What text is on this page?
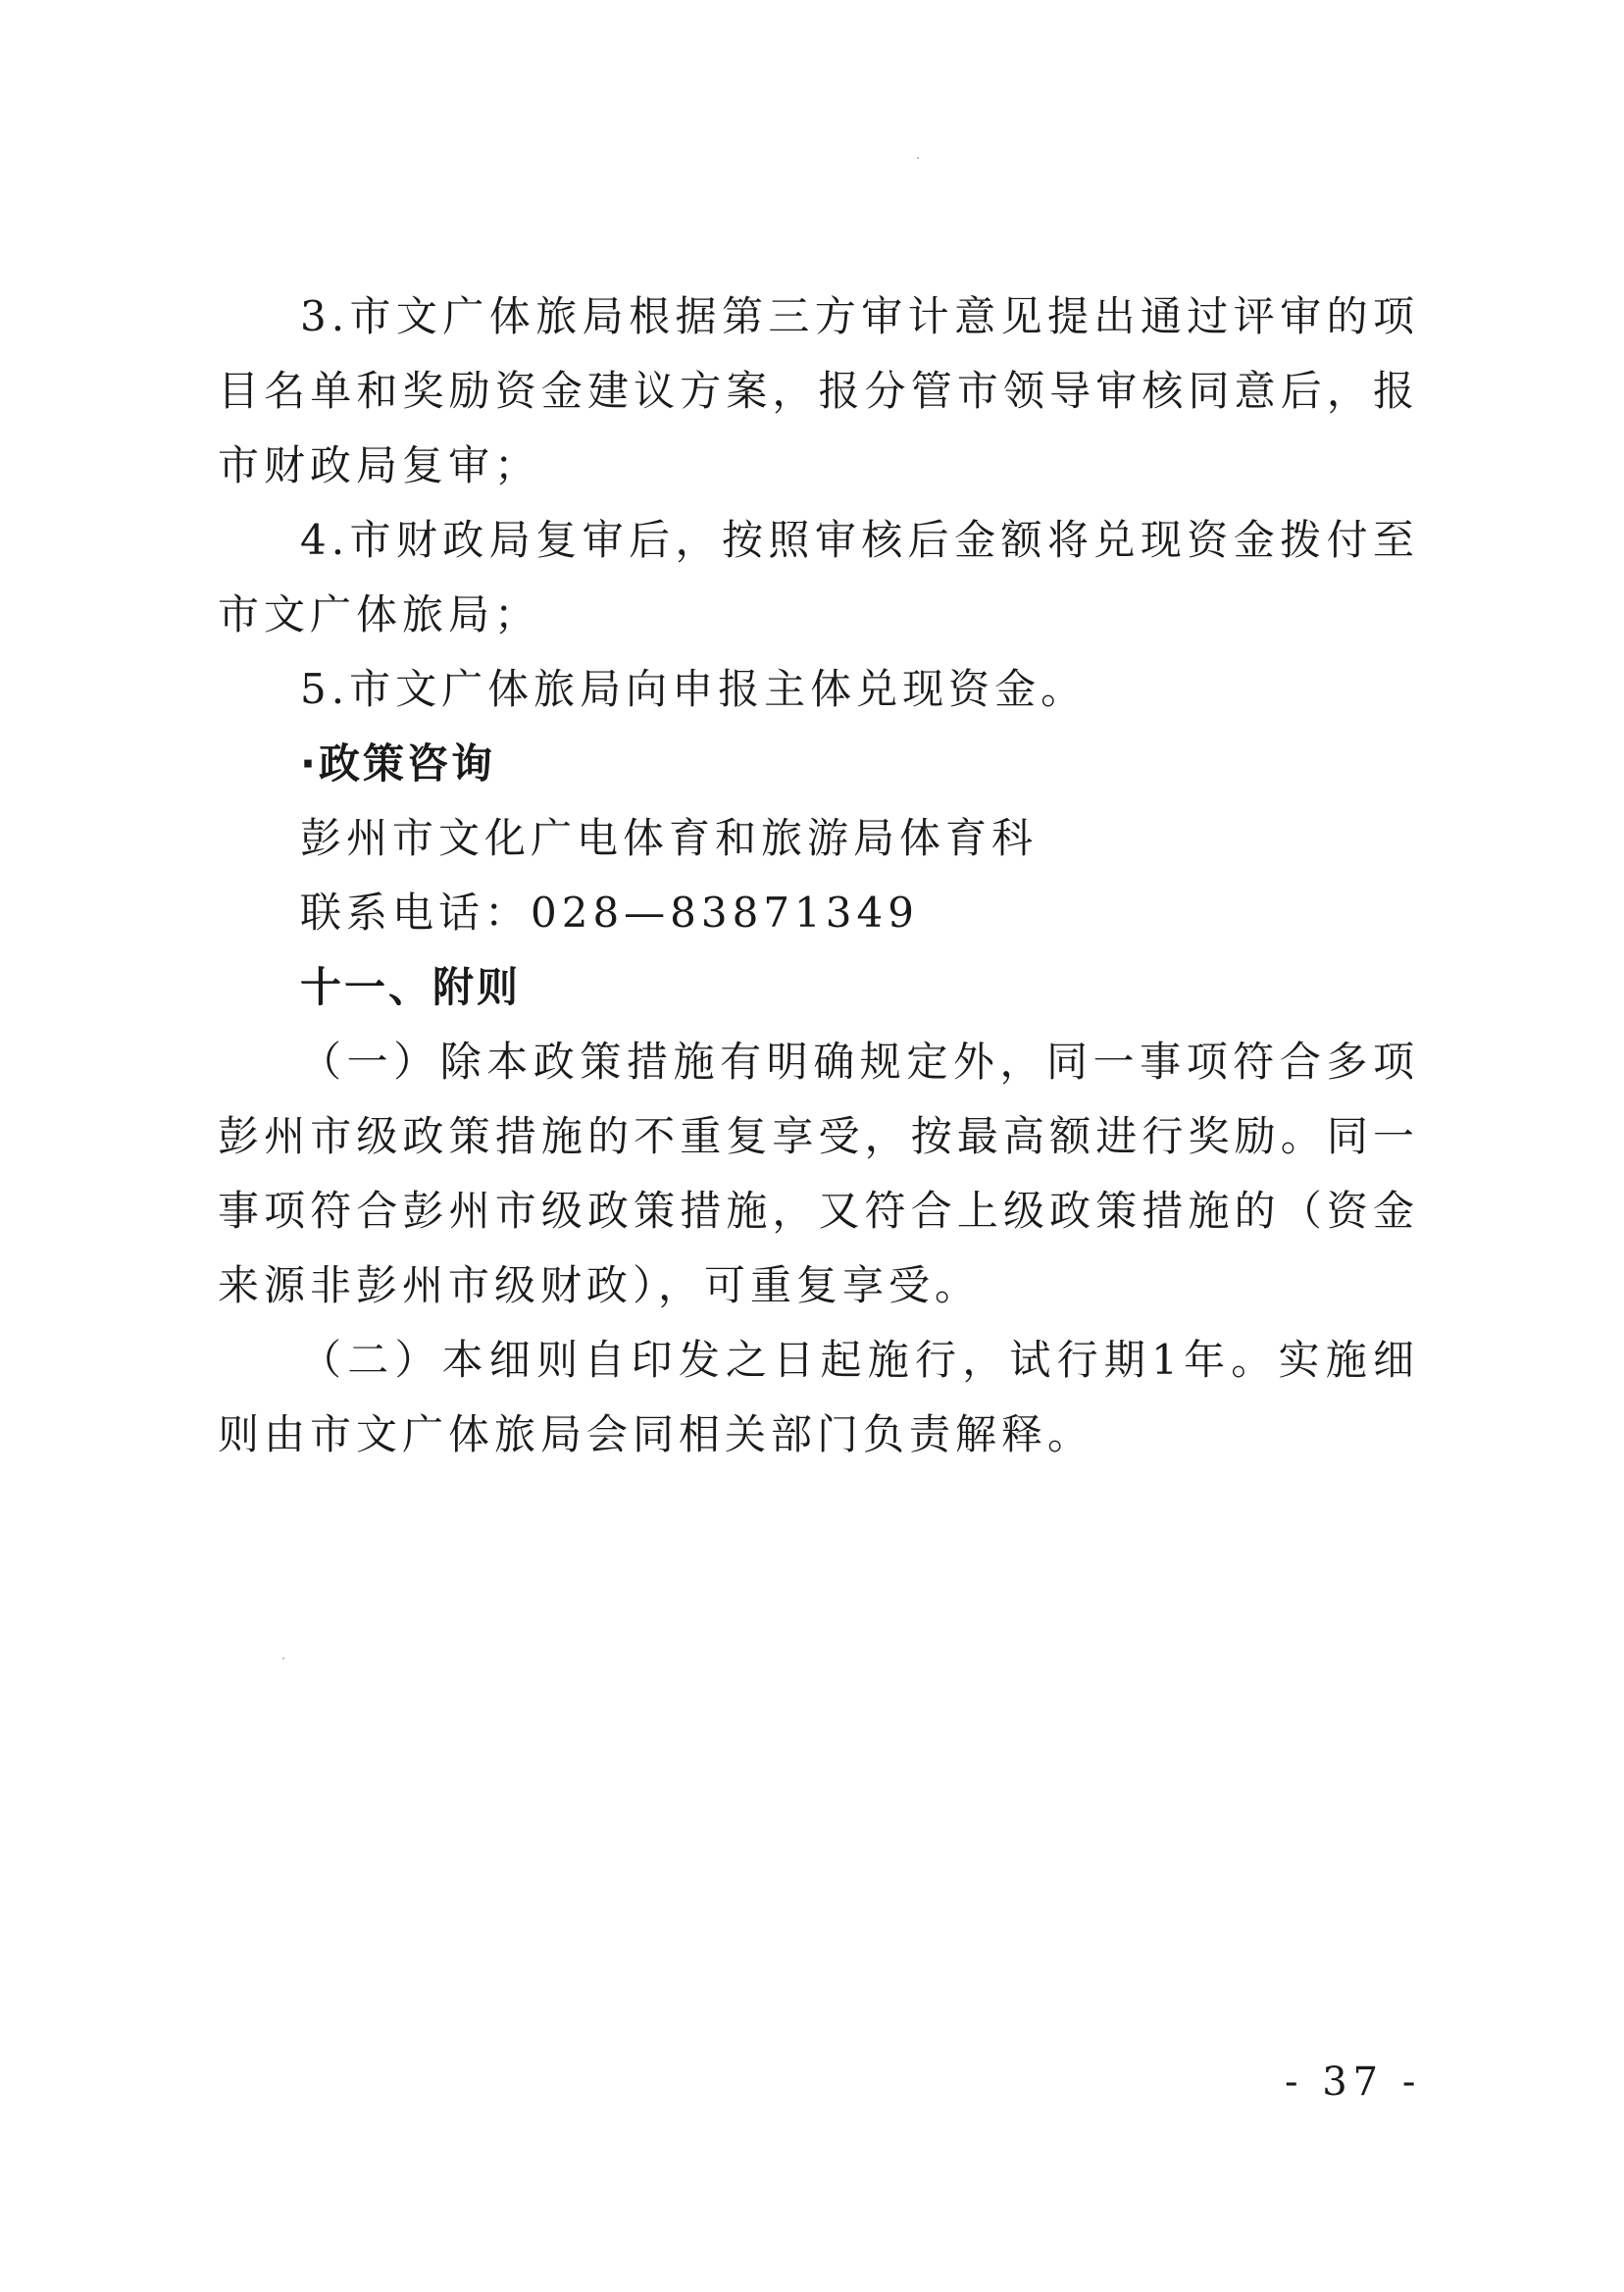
3.市文广体旅局根据第三方审计意见提出通过评审的项目名单和奖励资金建议方案，报分管市领导审核同意后，报市财政局复审；

4.市财政局复审后，按照审核后金额将兑现资金拨付至市文广体旅局；

5.市文广体旅局向申报主体兑现资金。

·政策咨询

彭州市文化广电体育和旅游局体育科

联系电话：028—83871349

十一、附则

（一）除本政策措施有明确规定外，同一事项符合多项彭州市级政策措施的不重复享受，按最高额进行奖励。同一事项符合彭州市级政策措施，又符合上级政策措施的（资金来源非彭州市级财政），可重复享受。

（二）本细则自印发之日起施行，试行期1年。实施细则由市文广体旅局会同相关部门负责解释。

- 37 -
